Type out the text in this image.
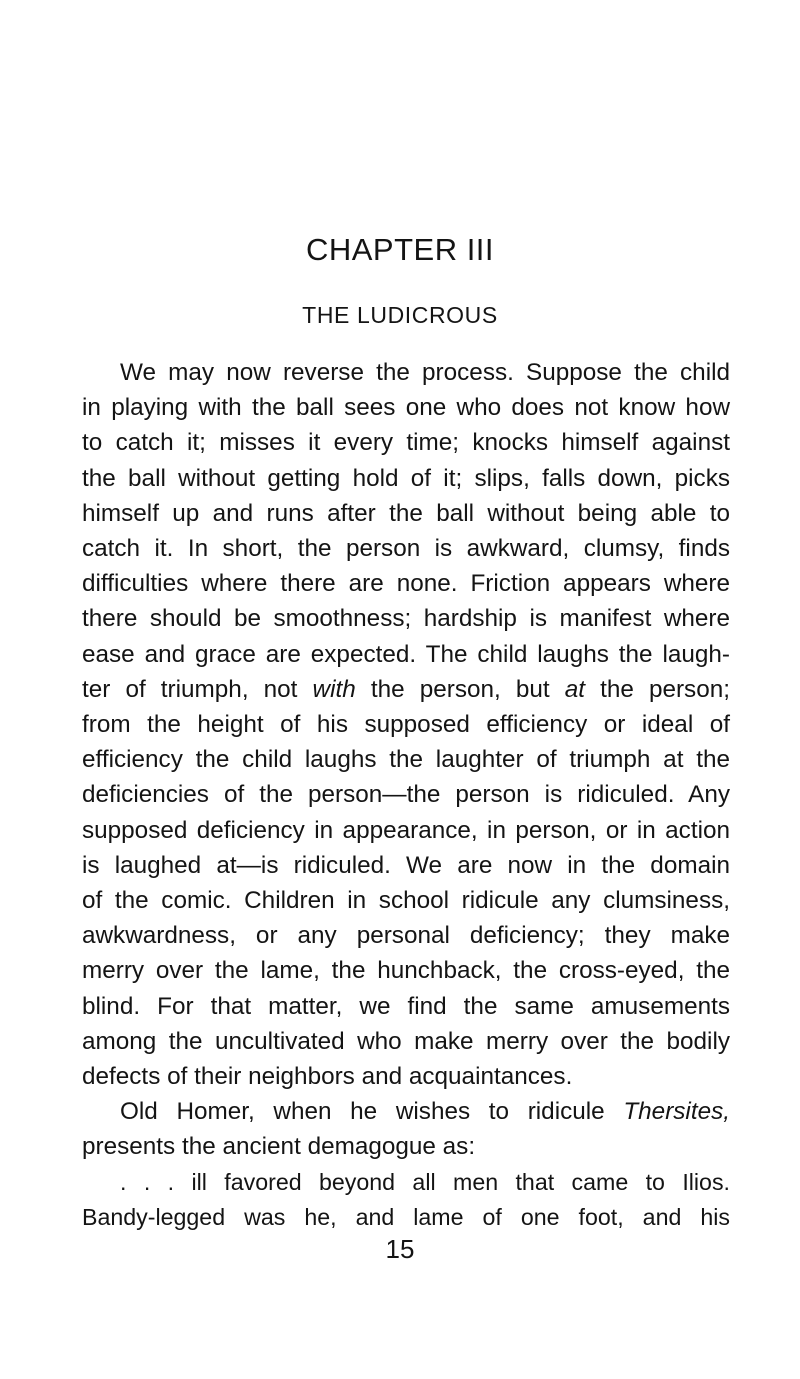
CHAPTER III
THE LUDICROUS
We may now reverse the process. Suppose the child
in playing with the ball sees one who does not know how
to catch it; misses it every time; knocks himself against
the ball without getting hold of it; slips, falls down, picks
himself up and runs after the ball without being able to
catch it. In short, the person is awkward, clumsy, finds
difficulties where there are none. Friction appears where
there should be smoothness; hardship is manifest where
ease and grace are expected. The child laughs the laugh-
ter of triumph, not with the person, but at the person;
from the height of his supposed efficiency or ideal of
efficiency the child laughs the laughter of triumph at the
deficiencies of the person—the person is ridiculed. Any
supposed deficiency in appearance, in person, or in action
is laughed at—is ridiculed. We are now in the domain
of the comic. Children in school ridicule any clumsiness,
awkwardness, or any personal deficiency; they make
merry over the lame, the hunchback, the cross-eyed, the
blind. For that matter, we find the same amusements
among the uncultivated who make merry over the bodily
defects of their neighbors and acquaintances.
Old Homer, when he wishes to ridicule Thersites,
presents the ancient demagogue as:
. . . ill favored beyond all men that came to Ilios.
Bandy-legged was he, and lame of one foot, and his
15
